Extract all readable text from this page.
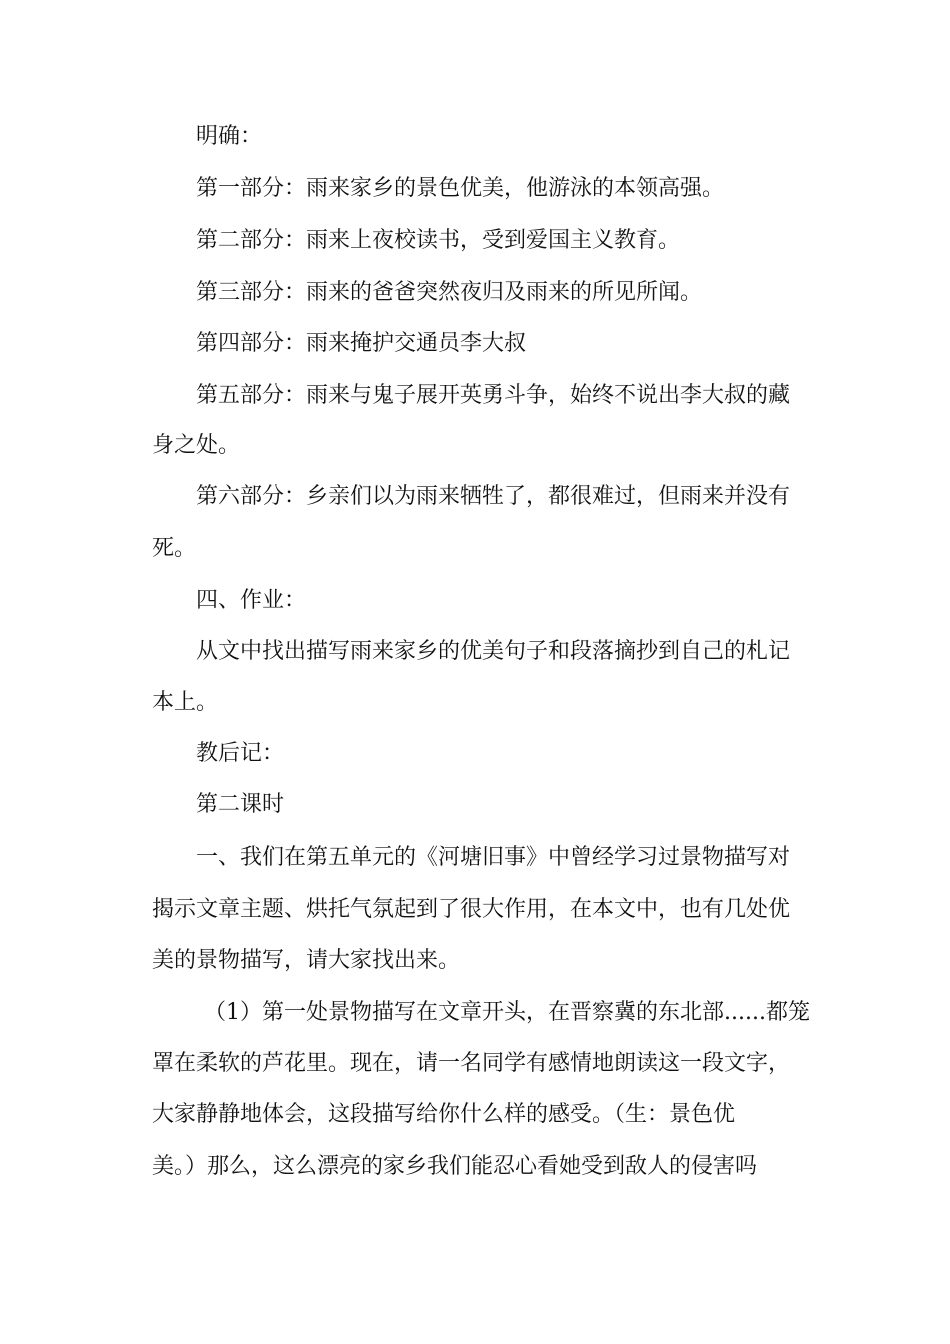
明确：
第一部分：雨来家乡的景色优美，他游泳的本领高强。
第二部分：雨来上夜校读书，受到爱国主义教育。
第三部分：雨来的爸爸突然夜归及雨来的所见所闻。
第四部分：雨来掩护交通员李大叔
第五部分：雨来与鬼子展开英勇斗争，始终不说出李大叔的藏
身之处。
第六部分：乡亲们以为雨来牺牲了，都很难过，但雨来并没有
死。
四、作业：
从文中找出描写雨来家乡的优美句子和段落摘抄到自己的札记
本上。
教后记：
第二课时
一、我们在第五单元的《河塘旧事》中曾经学习过景物描写对
揭示文章主题、烘托气氛起到了很大作用，在本文中，也有几处优
美的景物描写，请大家找出来。
（1）第一处景物描写在文章开头，在晋察冀的东北部......都笼
罩在柔软的芦花里。现在，请一名同学有感情地朗读这一段文字，
大家静静地体会，这段描写给你什么样的感受。（生：景色优
美。）那么，这么漂亮的家乡我们能忍心看她受到敌人的侵害吗
